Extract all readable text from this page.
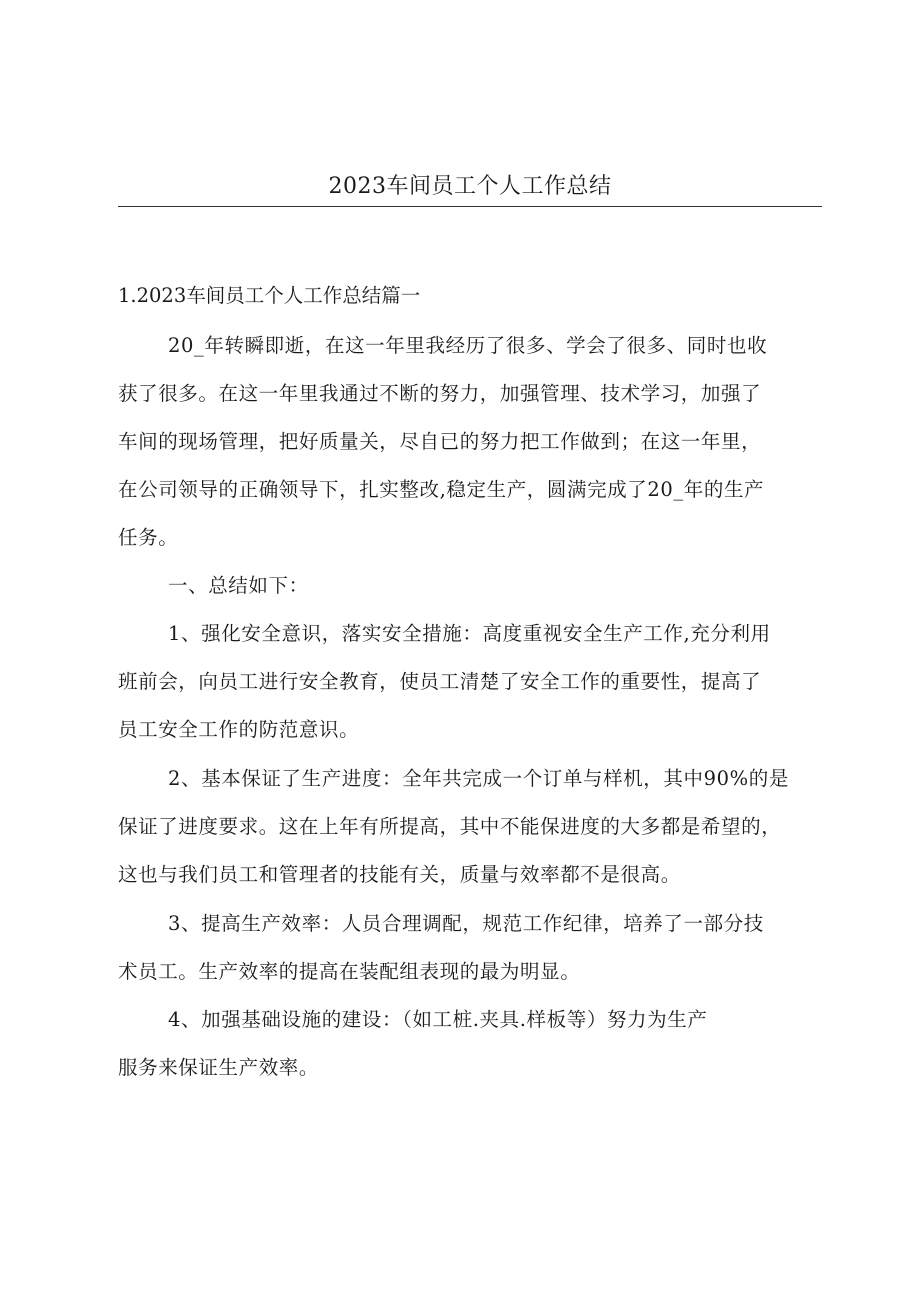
2023车间员工个人工作总结

1.2023车间员工个人工作总结篇一

20_年转瞬即逝，在这一年里我经历了很多、学会了很多、同时也收
获了很多。在这一年里我通过不断的努力，加强管理、技术学习，加强了
车间的现场管理，把好质量关，尽自已的努力把工作做到；在这一年里，
在公司领导的正确领导下，扎实整改,稳定生产，圆满完成了20_年的生产
任务。

一、总结如下：

1、强化安全意识，落实安全措施：高度重视安全生产工作,充分利用
班前会，向员工进行安全教育，使员工清楚了安全工作的重要性，提高了
员工安全工作的防范意识。

2、基本保证了生产进度：全年共完成一个订单与样机，其中90%的是
保证了进度要求。这在上年有所提高，其中不能保进度的大多都是希望的，
这也与我们员工和管理者的技能有关，质量与效率都不是很高。

3、提高生产效率：人员合理调配，规范工作纪律，培养了一部分技
术员工。生产效率的提高在装配组表现的最为明显。

4、加强基础设施的建设：（如工桩.夹具.样板等）努力为生产
服务来保证生产效率。
